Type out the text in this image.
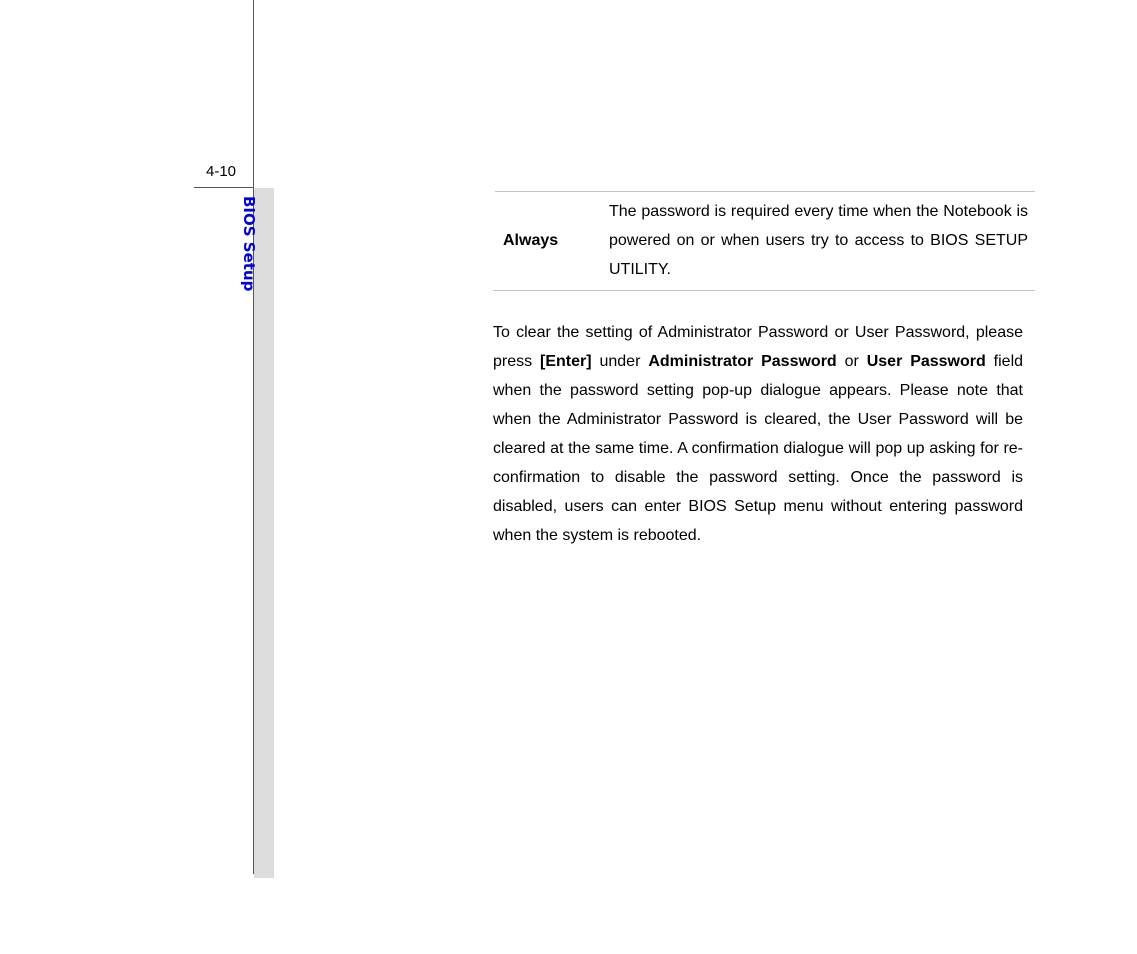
4-10
BIOS Setup	Always

The password is required every time when the Notebook is powered on or when users try to access to BIOS SETUP UTILITY.

To clear the setting of Administrator Password or User Password, please press [Enter] under Administrator Password or User Password field when the password setting pop-up dialogue appears. Please note that when the Administrator Password is cleared, the User Password will be cleared at the same time. A confirmation dialogue will pop up asking for re-confirmation to disable the password setting. Once the password is disabled, users can enter BIOS Setup menu without entering password when the system is rebooted.
